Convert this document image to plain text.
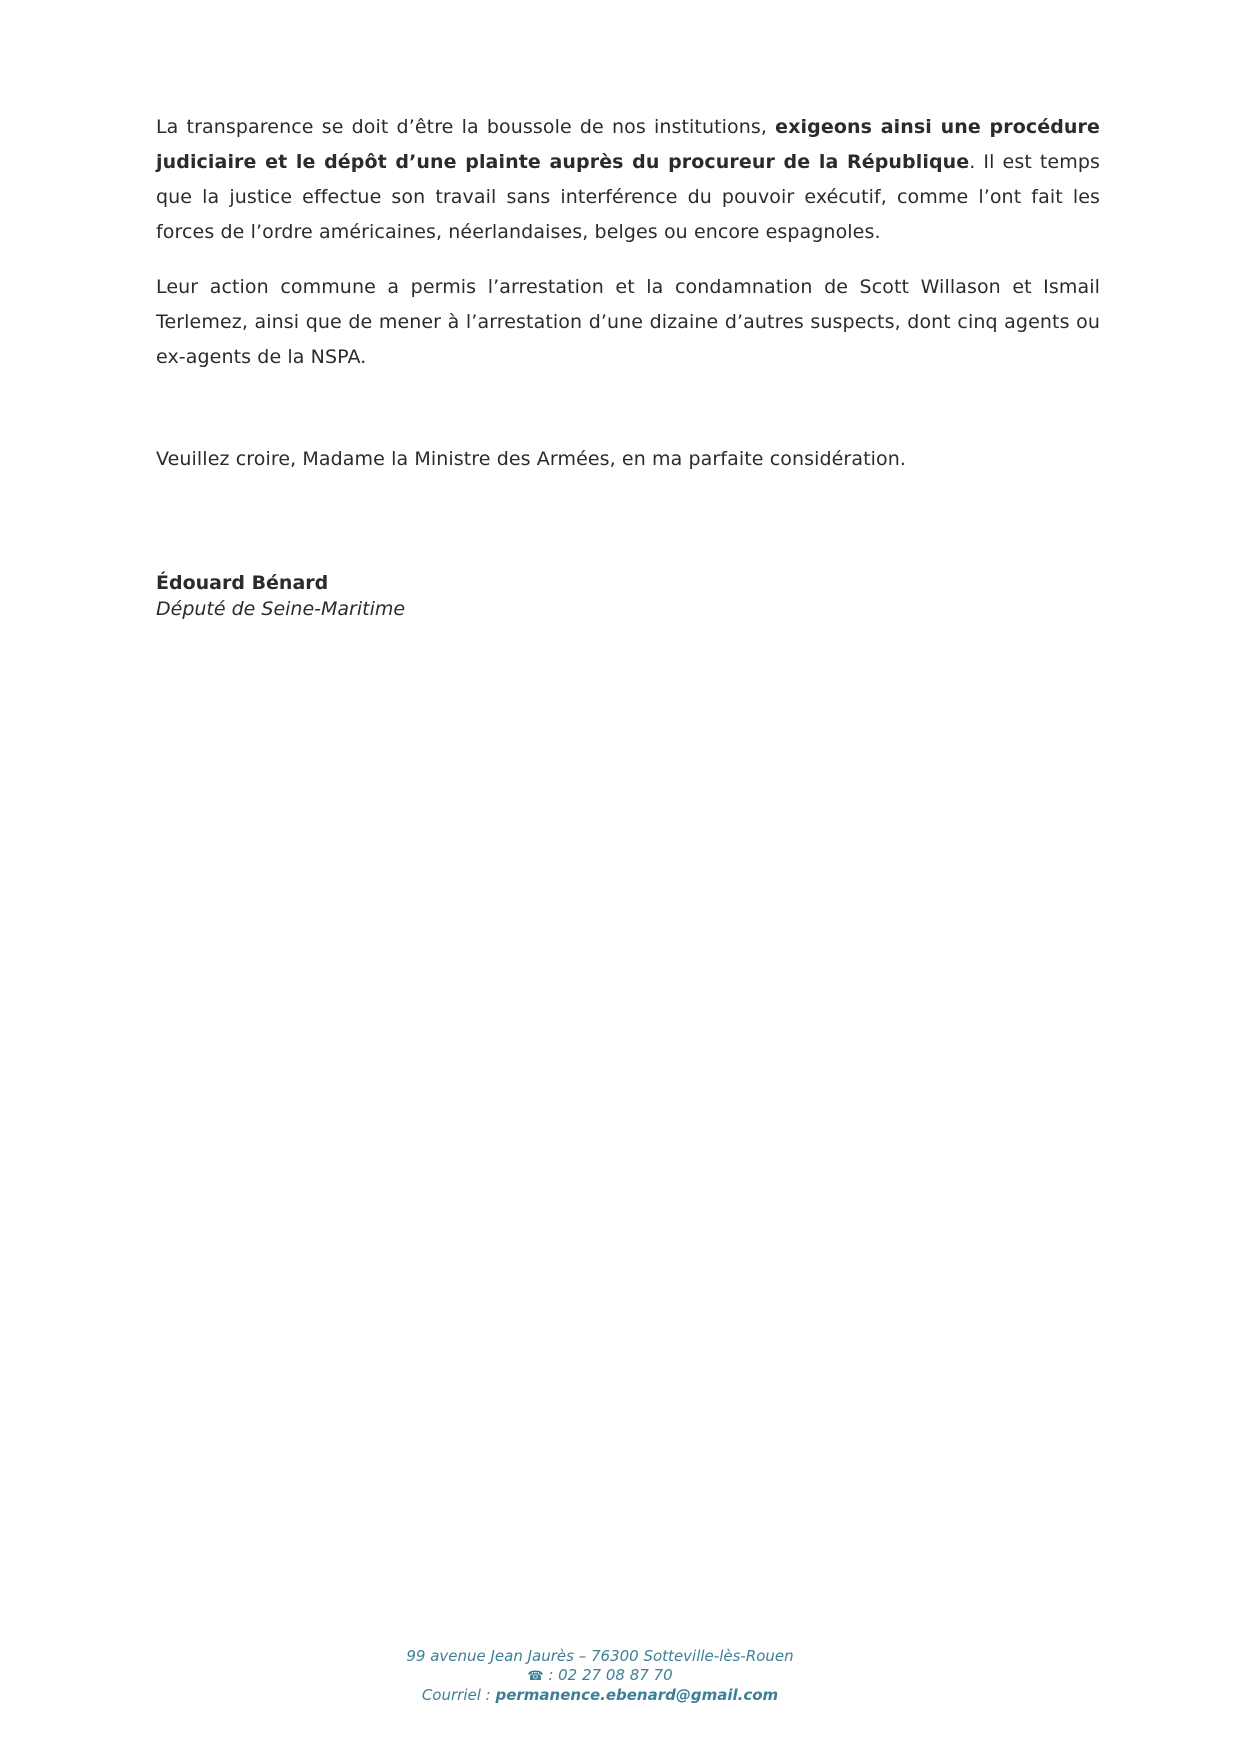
La transparence se doit d’être la boussole de nos institutions, exigeons ainsi une procédure judiciaire et le dépôt d’une plainte auprès du procureur de la République. Il est temps que la justice effectue son travail sans interférence du pouvoir exécutif, comme l’ont fait les forces de l’ordre américaines, néerlandaises, belges ou encore espagnoles.

Leur action commune a permis l’arrestation et la condamnation de Scott Willason et Ismail Terlemez, ainsi que de mener à l’arrestation d’une dizaine d’autres suspects, dont cinq agents ou ex-agents de la NSPA.

Veuillez croire, Madame la Ministre des Armées, en ma parfaite considération.

Édouard Bénard
Député de Seine-Maritime
99 avenue Jean Jaurès – 76300 Sotteville-lès-Rouen
☎ : 02 27 08 87 70
Courriel : permanence.ebenard@gmail.com
